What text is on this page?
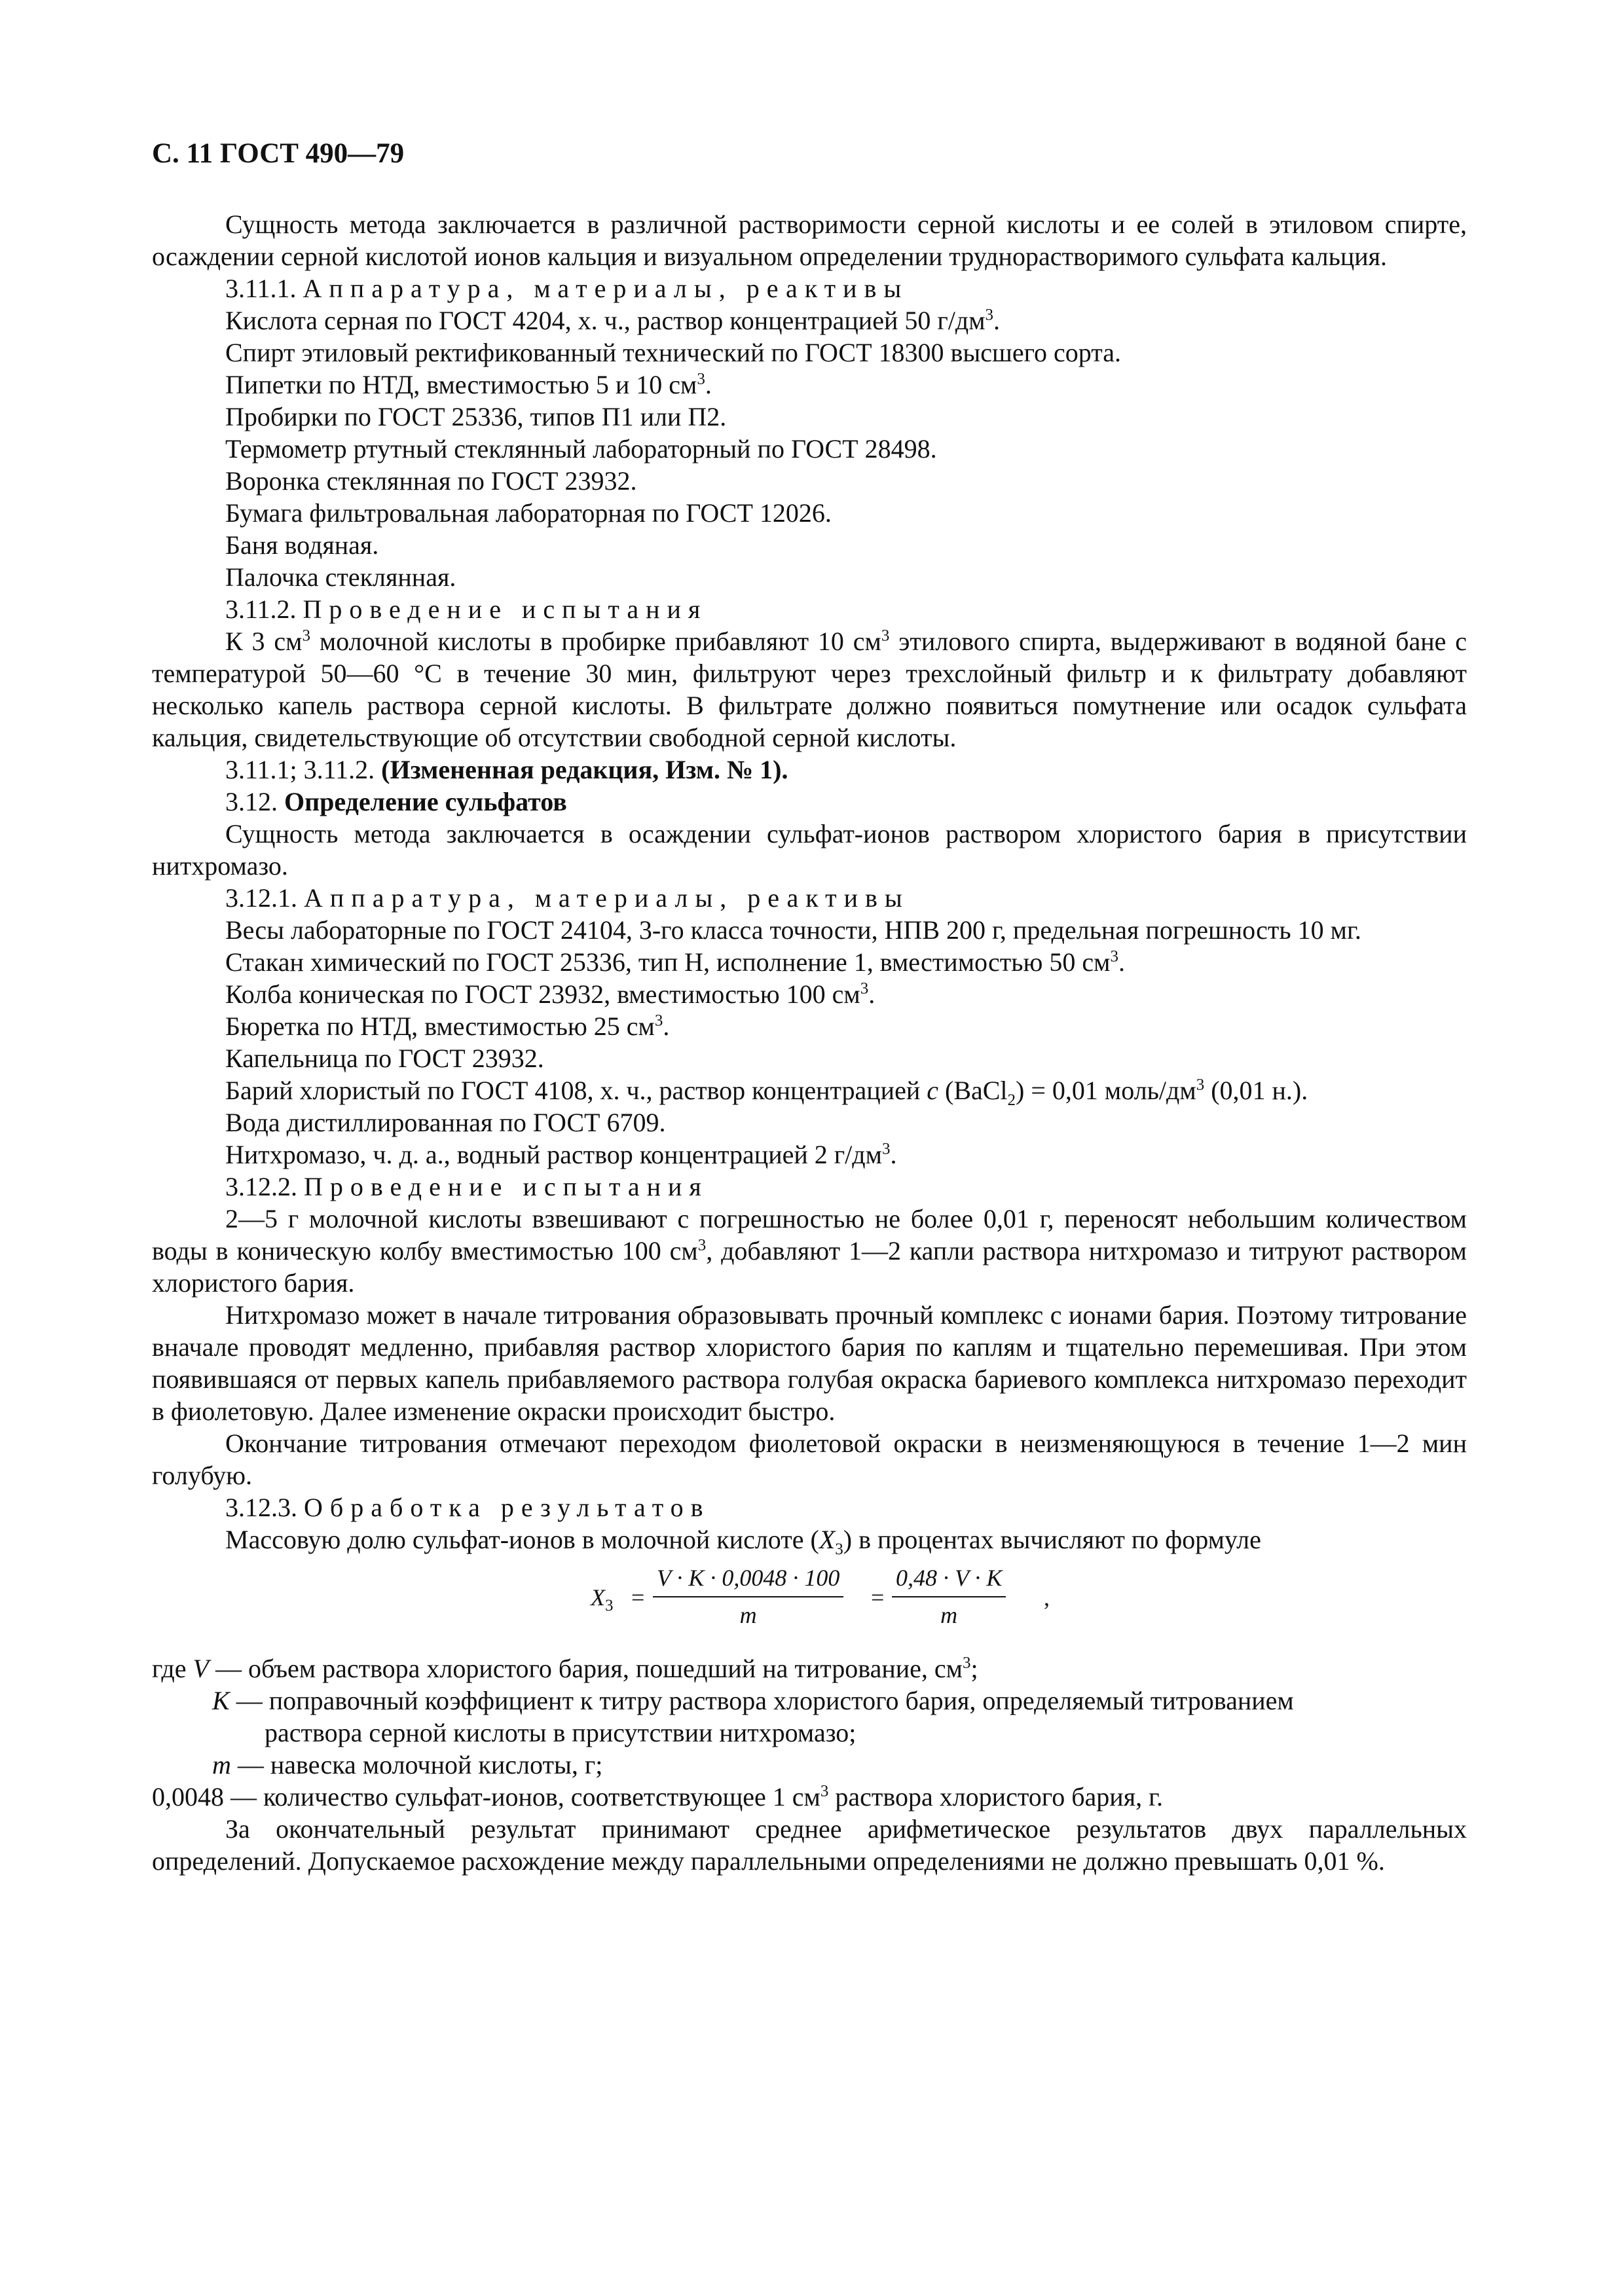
С. 11 ГОСТ 490—79

Сущность метода заключается в различной растворимости серной кислоты и ее солей в этиловом спирте, осаждении серной кислотой ионов кальция и визуальном определении труднорастворимого сульфата кальция.

3.11.1. Аппаратура, материалы, реактивы

Кислота серная по ГОСТ 4204, х. ч., раствор концентрацией 50 $г/дм^3$.

Спирт этиловый ректификованный технический по ГОСТ 18300 высшего сорта.

Пипетки по НТД, вместимостью 5 и 10 $см^3$.

Пробирки по ГОСТ 25336, типов П1 или П2.

Термометр ртутный стеклянный лабораторный по ГОСТ 28498.

Воронка стеклянная по ГОСТ 23932.

Бумага фильтровальная лабораторная по ГОСТ 12026.

Баня водяная.

Палочка стеклянная.

3.11.2. Проведение испытания

К 3 $см^3$ молочной кислоты в пробирке прибавляют 10 $см^3$ этилового спирта, выдерживают в водяной бане с температурой 50—60 °С в течение 30 мин, фильтруют через трехслойный фильтр и к фильтрату добавляют несколько капель раствора серной кислоты. В фильтрате должно появиться помутнение или осадок сульфата кальция, свидетельствующие об отсутствии свободной серной кислоты.

3.11.1; 3.11.2. (Измененная редакция, Изм. № 1).

3.12. Определение сульфатов

Сущность метода заключается в осаждении сульфат-ионов раствором хлористого бария в присутствии нитхромазо.

3.12.1. Аппаратура, материалы, реактивы

Весы лабораторные по ГОСТ 24104, 3-го класса точности, НПВ 200 г, предельная погрешность 10 мг.

Стакан химический по ГОСТ 25336, тип Н, исполнение 1, вместимостью 50 $см^3$.

Колба коническая по ГОСТ 23932, вместимостью 100 $см^3$.

Бюретка по НТД, вместимостью 25 $см^3$.

Капельница по ГОСТ 23932.

Барий хлористый по ГОСТ 4108, х. ч., раствор концентрацией c (BaCl$_2$) = 0,01 моль/$дм^3$ (0,01 н.).

Вода дистиллированная по ГОСТ 6709.

Нитхромазо, ч. д. а., водный раствор концентрацией 2 $г/дм^3$.

3.12.2. Проведение испытания

2—5 г молочной кислоты взвешивают с погрешностью не более 0,01 г, переносят небольшим количеством воды в коническую колбу вместимостью 100 $см^3$, добавляют 1—2 капли раствора нитхромазо и титруют раствором хлористого бария.

Нитхромазо может в начале титрования образовывать прочный комплекс с ионами бария. Поэтому титрование вначале проводят медленно, прибавляя раствор хлористого бария по каплям и тщательно перемешивая. При этом появившаяся от первых капель прибавляемого раствора голубая окраска бариевого комплекса нитхромазо переходит в фиолетовую. Далее изменение окраски происходит быстро.

Окончание титрования отмечают переходом фиолетовой окраски в неизменяющуюся в течение 1—2 мин голубую.

3.12.3. Обработка результатов

Массовую долю сульфат-ионов в молочной кислоте $(X_3)$ в процентах вычисляют по формуле

$X_3 = \frac{V \cdot K \cdot 0,0048 \cdot 100}{m} = \frac{0,48 \cdot V \cdot K}{m}$ ,

где V — объем раствора хлористого бария, пошедший на титрование, $см^3$;

K — поправочный коэффициент к титру раствора хлористого бария, определяемый титрованием

раствора серной кислоты в присутствии нитхромазо;

m — навеска молочной кислоты, г;

0,0048 — количество сульфат-ионов, соответствующее 1 $см^3$ раствора хлористого бария, г.

За окончательный результат принимают среднее арифметическое результатов двух параллельных определений. Допускаемое расхождение между параллельными определениями не должно превышать 0,01 %.
